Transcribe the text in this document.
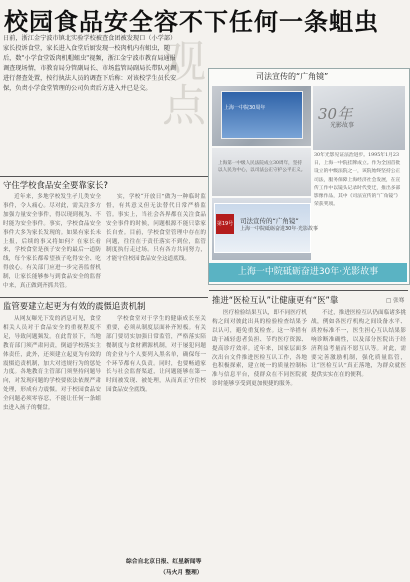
校园食品安全容不下任何一条蛆虫
观点
日前，浙江金宁波市镇北实验学校被查食团被发现口（小学部）家长投诉食堂，家长进入食堂后厨发现一校肉机内有蛆虫，随后，数"小学食堂饭肉机帽蛆虫"视频，浙江金宁波市教育局通报调查现场情，市教育局分管副局长、市场监管局副局长带队对调进行督查处置，按行执法人员的调查下后称：对该校学生员长安保，负责小学食堂管理的公司负责后方进入并已是交。
守住学校食品安全要靠家长?

近年来，多地学校发生孑儿类安全事件，令人痛心。尽对此，需关注多方加强力量安全事件，得以现到视为、不时能为安全事件。事实，学校食品安全事件大多为家长发现的。如果有家长未上报，后续的事又将如何？在家长看来，学校食堂是孩子安全的最后一道防线，每个家长都希望孩子吃得安全、吃得放心。有关部门应进一步完善监督机制，让家长能够参与到食品安全的监督中来，真正做到齐抓共管。

实，学校“开放日”做为一种临时监督，有其意义但无法替代日常严格监管。事实上，当社会各界都在关注食品安全事件的时候，问题根源不能只靠家长自查。目前，学校食堂管理中存在的问题，往往在于责任落实不到位，监管制度执行走过场。只有各方共同努力，才能守住校园食品安全这道底线。

司法宣传的“广角镜”
上海一中院30周年
上海第一中级人民法院成立30周年，坚持以人民为中心，以司法公正守护公平正义。
第19号 司法宣传的“广角镜”
上海一中院砥砺奋进30年·光影故事
30年
光影故事
30年光影见证法治进步。1995年1月23日，上海一中院挂牌成立。作为全国首批设立的中级法院之一，该院始终坚持公正司法，服务保障上海经济社会发展，在宣传工作中以镜头记录时代变迁，推出多部影像作品，其中《司法宣传的“广角镜”》荣获奖项。
上海一中院砥砺奋进30年·光影故事
监管要建立起更为有效的震慑追责机制

从网友曝光下发的消息可见，食堂相关人员对于食品安全的重视程度不足，导致问题频发。在此背景下，当地教育部门须严肃问责，倒逼学校落实主体责任，此外，还须建立起更为有效的震慑追责机制，加大对违规行为的惩处力度。各地教育主管部门须坚持问题导向，对发现问题的学校要依法依规严肃处理，形成有力震慑。对于校园食品安全问题必须零容忍，不能让任何一条蛆虫进入孩子的餐盘。

学校食堂对于学生的健康成长至关重要，必须从制度层面补齐短板。有关部门要切实加强日常监管，严格落实陪餐制度与食材溯源机制，对于屡犯问题的企业与个人要列入黑名单，确保每一个环节都有人负责。同时，也要畅通家长与社会监督渠道，让问题能够在第一时间被发现、被处理，从而真正守住校园食品安全底线。

综合自北京日报、红星新闻等
（马火月 整理）
推进“医检互认”让健康更有“医”靠	□ 张骞

医疗检验结果互认，即不同医疗机构之间对彼此出具的检验检查结果予以认可，避免重复检查。这一举措有助于减轻患者负担、节约医疗资源、提高诊疗效率。近年来，国家层面多次出台文件推进医检互认工作，各地也积极探索，建立统一的质量控制标准与信息平台，使群众在不同医院就诊时能够享受到更加便捷的服务。

不过，推进医检互认仍面临诸多挑战，例如各医疗机构之间设备水平、质控标准不一，医生担心互认结果影响诊断准确性，以及部分医院出于经济利益考量而不愿互认等。对此，需要完善激励机制，强化质量监管，让“医检互认”真正落地，为群众就医提供实实在在的便利。
